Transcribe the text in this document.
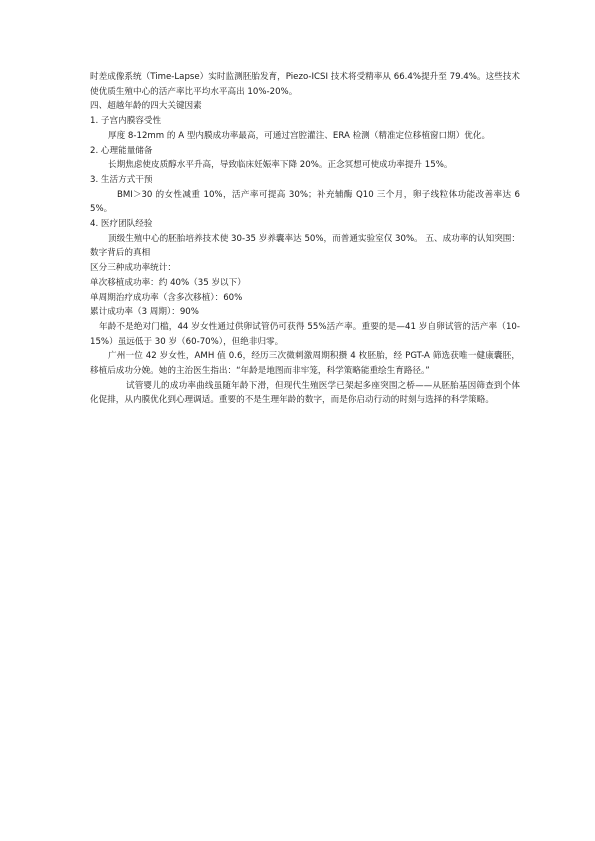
时差成像系统（Time-Lapse）实时监测胚胎发育，Piezo-ICSI 技术将受精率从 66.4%提升至 79.4%。这些技术使优质生殖中心的活产率比平均水平高出 10%-20%。

四、超越年龄的四大关键因素

1. 子宫内膜容受性

厚度 8-12mm 的 A 型内膜成功率最高，可通过宫腔灌注、ERA 检测（精准定位移植窗口期）优化。

2. 心理能量储备

长期焦虑使皮质醇水平升高，导致临床妊娠率下降 20%。正念冥想可使成功率提升 15%。

3. 生活方式干预

BMI＞30 的女性减重 10%，活产率可提高 30%；补充辅酶 Q10 三个月，卵子线粒体功能改善率达 65%。

4. 医疗团队经验

顶级生殖中心的胚胎培养技术使 30-35 岁养囊率达 50%，而普通实验室仅 30%。 五、成功率的认知突围：数字背后的真相

区分三种成功率统计：

单次移植成功率：约 40%（35 岁以下）

单周期治疗成功率（含多次移植）：60%

累计成功率（3 周期）：90%

年龄不是绝对门槛，44 岁女性通过供卵试管仍可获得 55%活产率。重要的是—41 岁自卵试管的活产率（10-15%）虽远低于 30 岁（60-70%），但绝非归零。

广州一位 42 岁女性，AMH 值 0.6，经历三次微刺激周期积攒 4 枚胚胎，经 PGT-A 筛选获唯一健康囊胚，移植后成功分娩。她的主治医生指出：“年龄是地图而非牢笼，科学策略能重绘生育路径。”

试管婴儿的成功率曲线虽随年龄下滑，但现代生殖医学已架起多座突围之桥——从胚胎基因筛查到个体化促排，从内膜优化到心理调适。重要的不是生理年龄的数字，而是你启动行动的时刻与选择的科学策略。
